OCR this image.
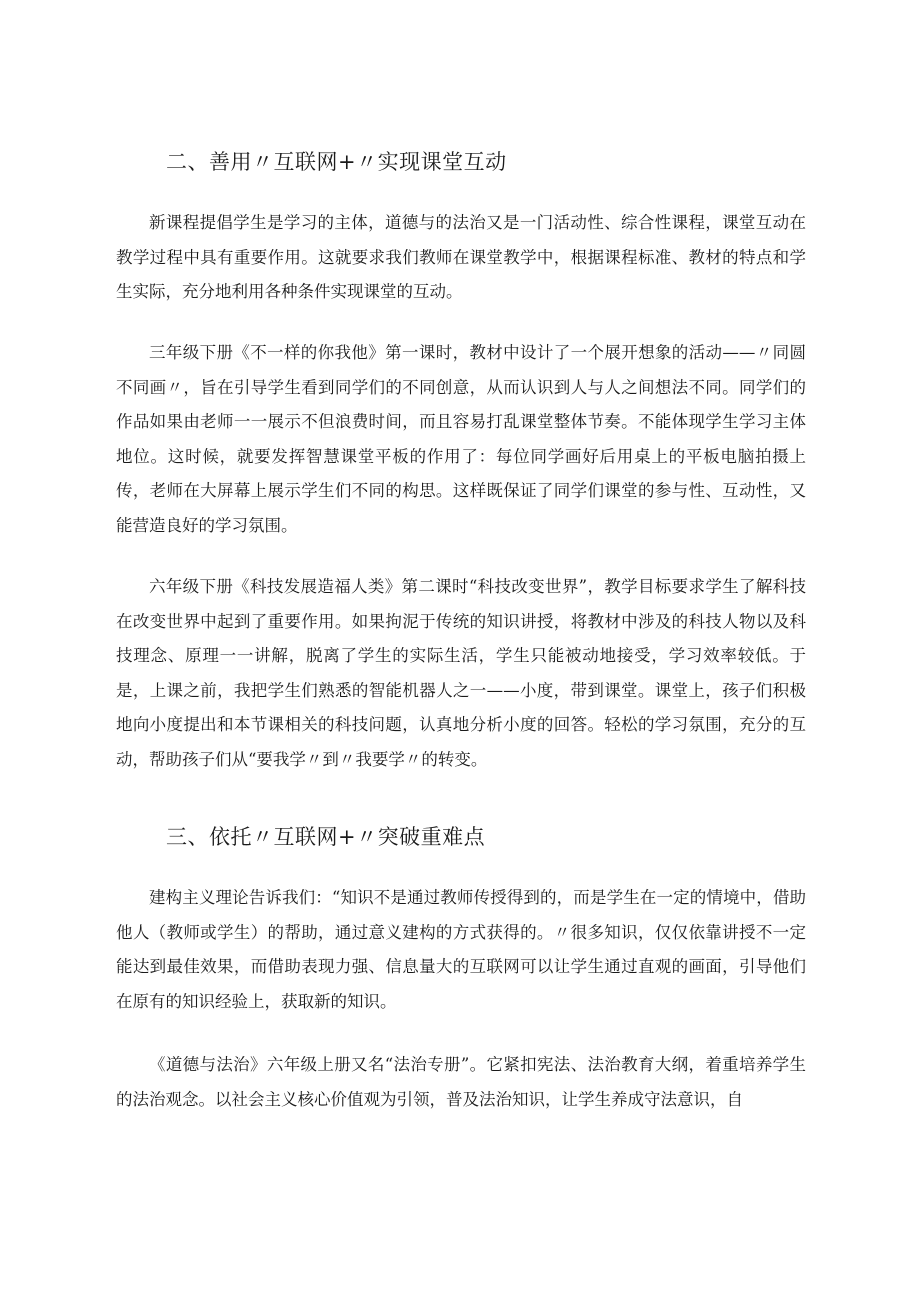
二、善用〃互联网+〃实现课堂互动

新课程提倡学生是学习的主体，道德与的法治又是一门活动性、综合性课程，课堂互动在教学过程中具有重要作用。这就要求我们教师在课堂教学中，根据课程标准、教材的特点和学生实际，充分地利用各种条件实现课堂的互动。

三年级下册《不一样的你我他》第一课时，教材中设计了一个展开想象的活动——〃同圆不同画〃，旨在引导学生看到同学们的不同创意，从而认识到人与人之间想法不同。同学们的作品如果由老师一一展示不但浪费时间，而且容易打乱课堂整体节奏。不能体现学生学习主体地位。这时候，就要发挥智慧课堂平板的作用了：每位同学画好后用桌上的平板电脑拍摄上传，老师在大屏幕上展示学生们不同的构思。这样既保证了同学们课堂的参与性、互动性，又能营造良好的学习氛围。

六年级下册《科技发展造福人类》第二课时“科技改变世界”，教学目标要求学生了解科技在改变世界中起到了重要作用。如果拘泥于传统的知识讲授，将教材中涉及的科技人物以及科技理念、原理一一讲解，脱离了学生的实际生活，学生只能被动地接受，学习效率较低。于是，上课之前，我把学生们熟悉的智能机器人之一——小度，带到课堂。课堂上，孩子们积极地向小度提出和本节课相关的科技问题，认真地分析小度的回答。轻松的学习氛围，充分的互动，帮助孩子们从“要我学〃到〃我要学〃的转变。

三、依托〃互联网+〃突破重难点

建构主义理论告诉我们：“知识不是通过教师传授得到的，而是学生在一定的情境中，借助他人（教师或学生）的帮助，通过意义建构的方式获得的。〃很多知识，仅仅依靠讲授不一定能达到最佳效果，而借助表现力强、信息量大的互联网可以让学生通过直观的画面，引导他们在原有的知识经验上，获取新的知识。

《道德与法治》六年级上册又名“法治专册”。它紧扣宪法、法治教育大纲，着重培养学生的法治观念。以社会主义核心价值观为引领，普及法治知识，让学生养成守法意识，自
